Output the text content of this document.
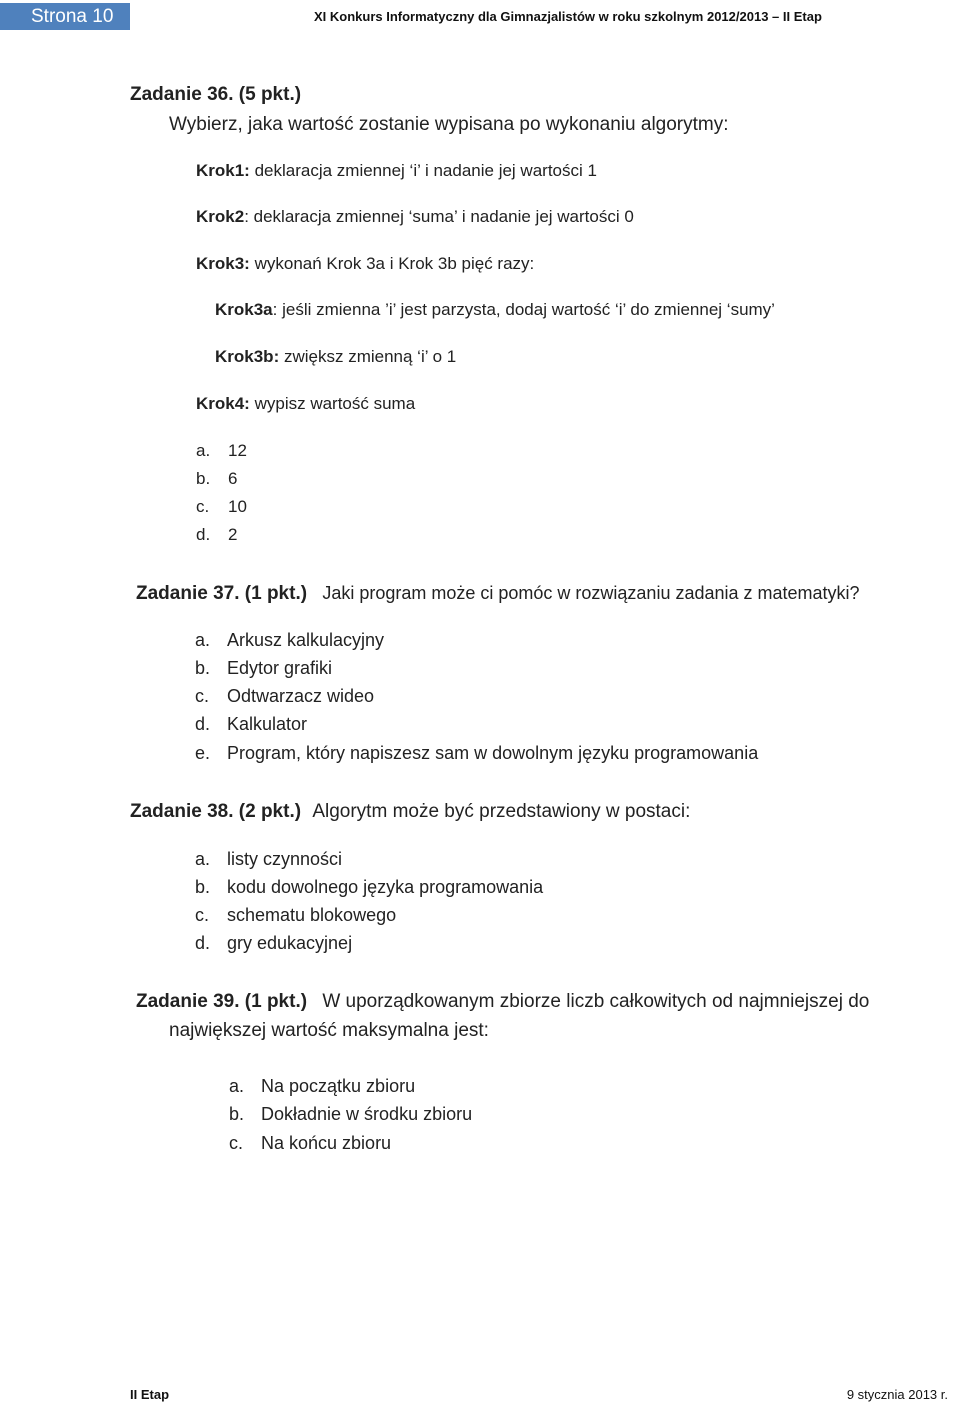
Strona 10	XI Konkurs Informatyczny dla Gimnazjalistów w roku szkolnym 2012/2013 – II Etap
Zadanie 36. (5 pkt.)
Wybierz, jaka wartość zostanie wypisana po wykonaniu algorytmy:
Krok1: deklaracja zmiennej ‘i’ i nadanie jej wartości 1
Krok2: deklaracja zmiennej ‘suma’ i nadanie jej wartości 0
Krok3: wykonań Krok 3a i Krok 3b pięć razy:
Krok3a: jeśli zmienna ’i’ jest parzysta, dodaj wartość ‘i’ do zmiennej ‘sumy’
Krok3b: zwiększ zmienną ‘i’ o 1
Krok4: wypisz wartość suma
a. 12
b. 6
c. 10
d. 2
Zadanie 37. (1 pkt.) Jaki program może ci pomóc w rozwiązaniu zadania z matematyki?
a. Arkusz kalkulacyjny
b. Edytor grafiki
c. Odtwarzacz wideo
d. Kalkulator
e. Program, który napiszesz sam w dowolnym języku programowania
Zadanie 38. (2 pkt.) Algorytm może być przedstawiony w postaci:
a. listy czynności
b. kodu dowolnego języka programowania
c. schematu blokowego
d. gry edukacyjnej
Zadanie 39. (1 pkt.) W uporządkowanym zbiorze liczb całkowitych od najmniejszej do
największej wartość maksymalna jest:
a. Na początku zbioru
b. Dokładnie w środku zbioru
c. Na końcu zbioru
II Etap	9 stycznia 2013 r.
